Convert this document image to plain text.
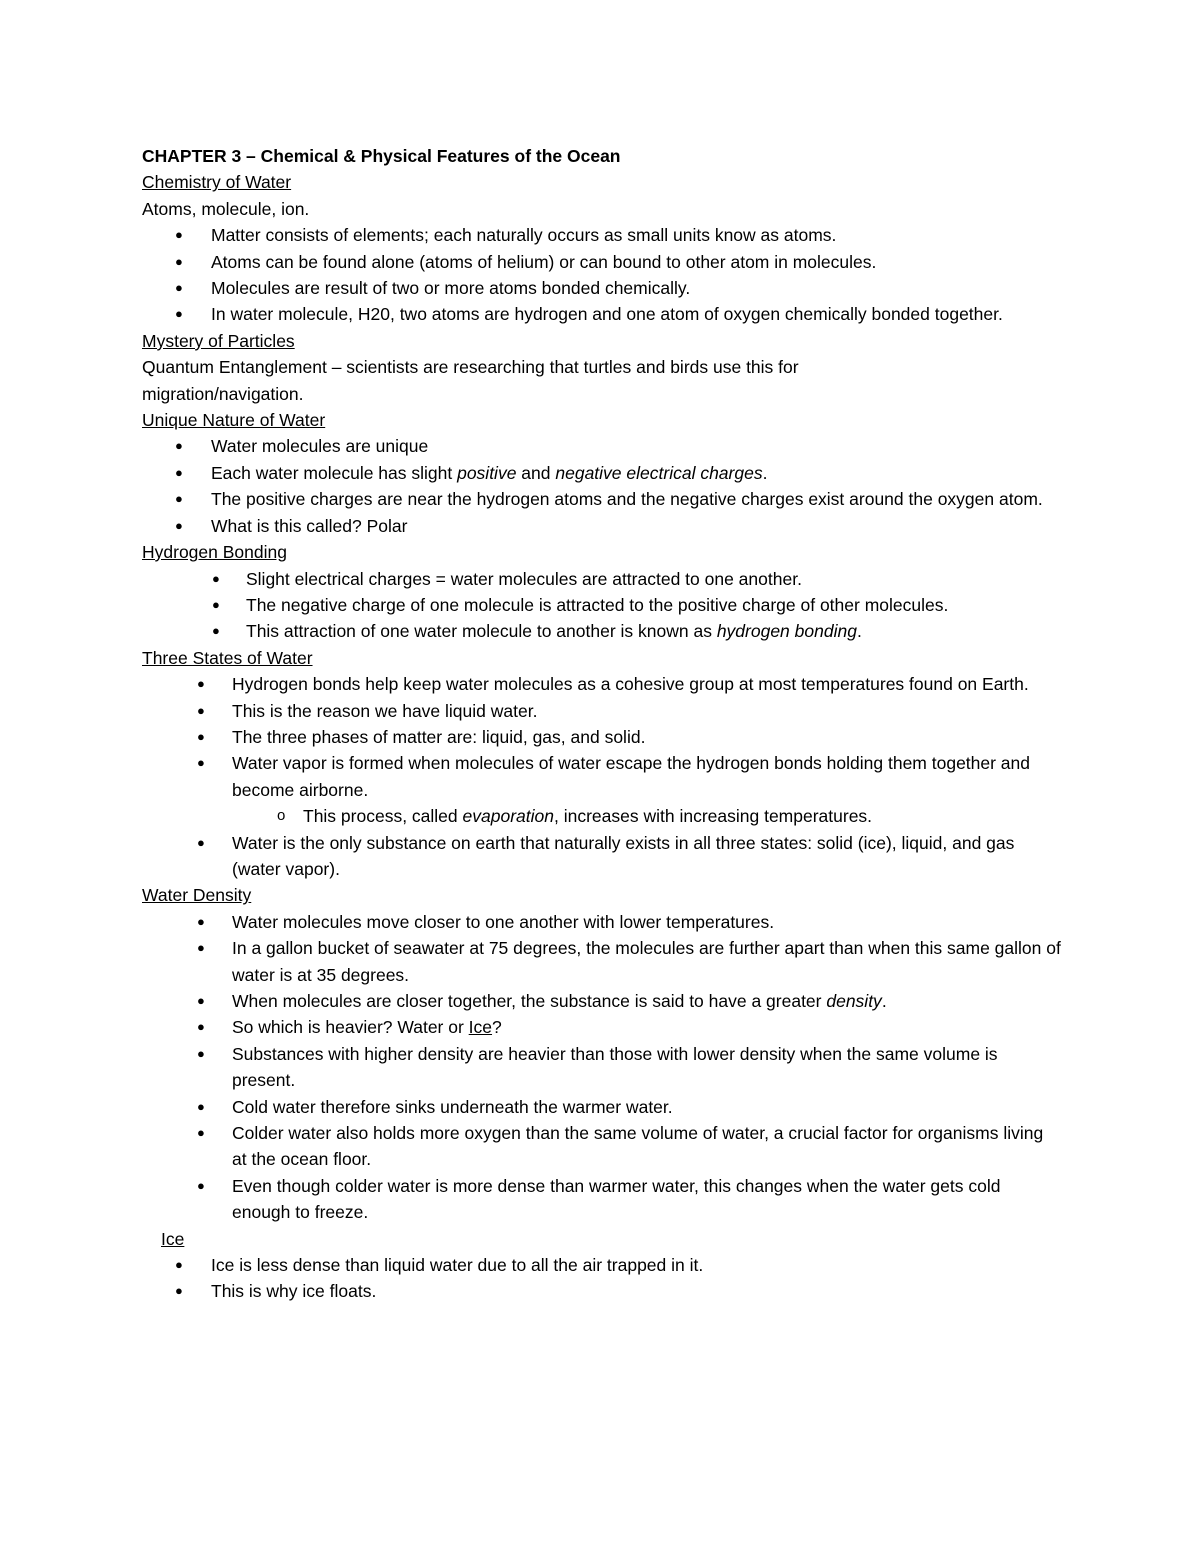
CHAPTER 3 – Chemical & Physical Features of the Ocean

Chemistry of Water

Atoms, molecule, ion.

● Matter consists of elements; each naturally occurs as small units know as atoms.
● Atoms can be found alone (atoms of helium) or can bound to other atom in molecules.
● Molecules are result of two or more atoms bonded chemically.
● In water molecule, H20, two atoms are hydrogen and one atom of oxygen chemically bonded together.

Mystery of Particles

Quantum Entanglement – scientists are researching that turtles and birds use this for migration/navigation.

Unique Nature of Water

● Water molecules are unique
● Each water molecule has slight positive and negative electrical charges.
● The positive charges are near the hydrogen atoms and the negative charges exist around the oxygen atom.
● What is this called? Polar

Hydrogen Bonding

● Slight electrical charges = water molecules are attracted to one another.
● The negative charge of one molecule is attracted to the positive charge of other molecules.
● This attraction of one water molecule to another is known as hydrogen bonding.

Three States of Water

● Hydrogen bonds help keep water molecules as a cohesive group at most temperatures found on Earth.
● This is the reason we have liquid water.
● The three phases of matter are: liquid, gas, and solid.
● Water vapor is formed when molecules of water escape the hydrogen bonds holding them together and become airborne.
o This process, called evaporation, increases with increasing temperatures.
● Water is the only substance on earth that naturally exists in all three states: solid (ice), liquid, and gas (water vapor).

Water Density

● Water molecules move closer to one another with lower temperatures.
● In a gallon bucket of seawater at 75 degrees, the molecules are further apart than when this same gallon of water is at 35 degrees.
● When molecules are closer together, the substance is said to have a greater density.
● So which is heavier? Water or Ice?
● Substances with higher density are heavier than those with lower density when the same volume is present.
● Cold water therefore sinks underneath the warmer water.
● Colder water also holds more oxygen than the same volume of water, a crucial factor for organisms living at the ocean floor.
● Even though colder water is more dense than warmer water, this changes when the water gets cold enough to freeze.

Ice

● Ice is less dense than liquid water due to all the air trapped in it.
● This is why ice floats.
